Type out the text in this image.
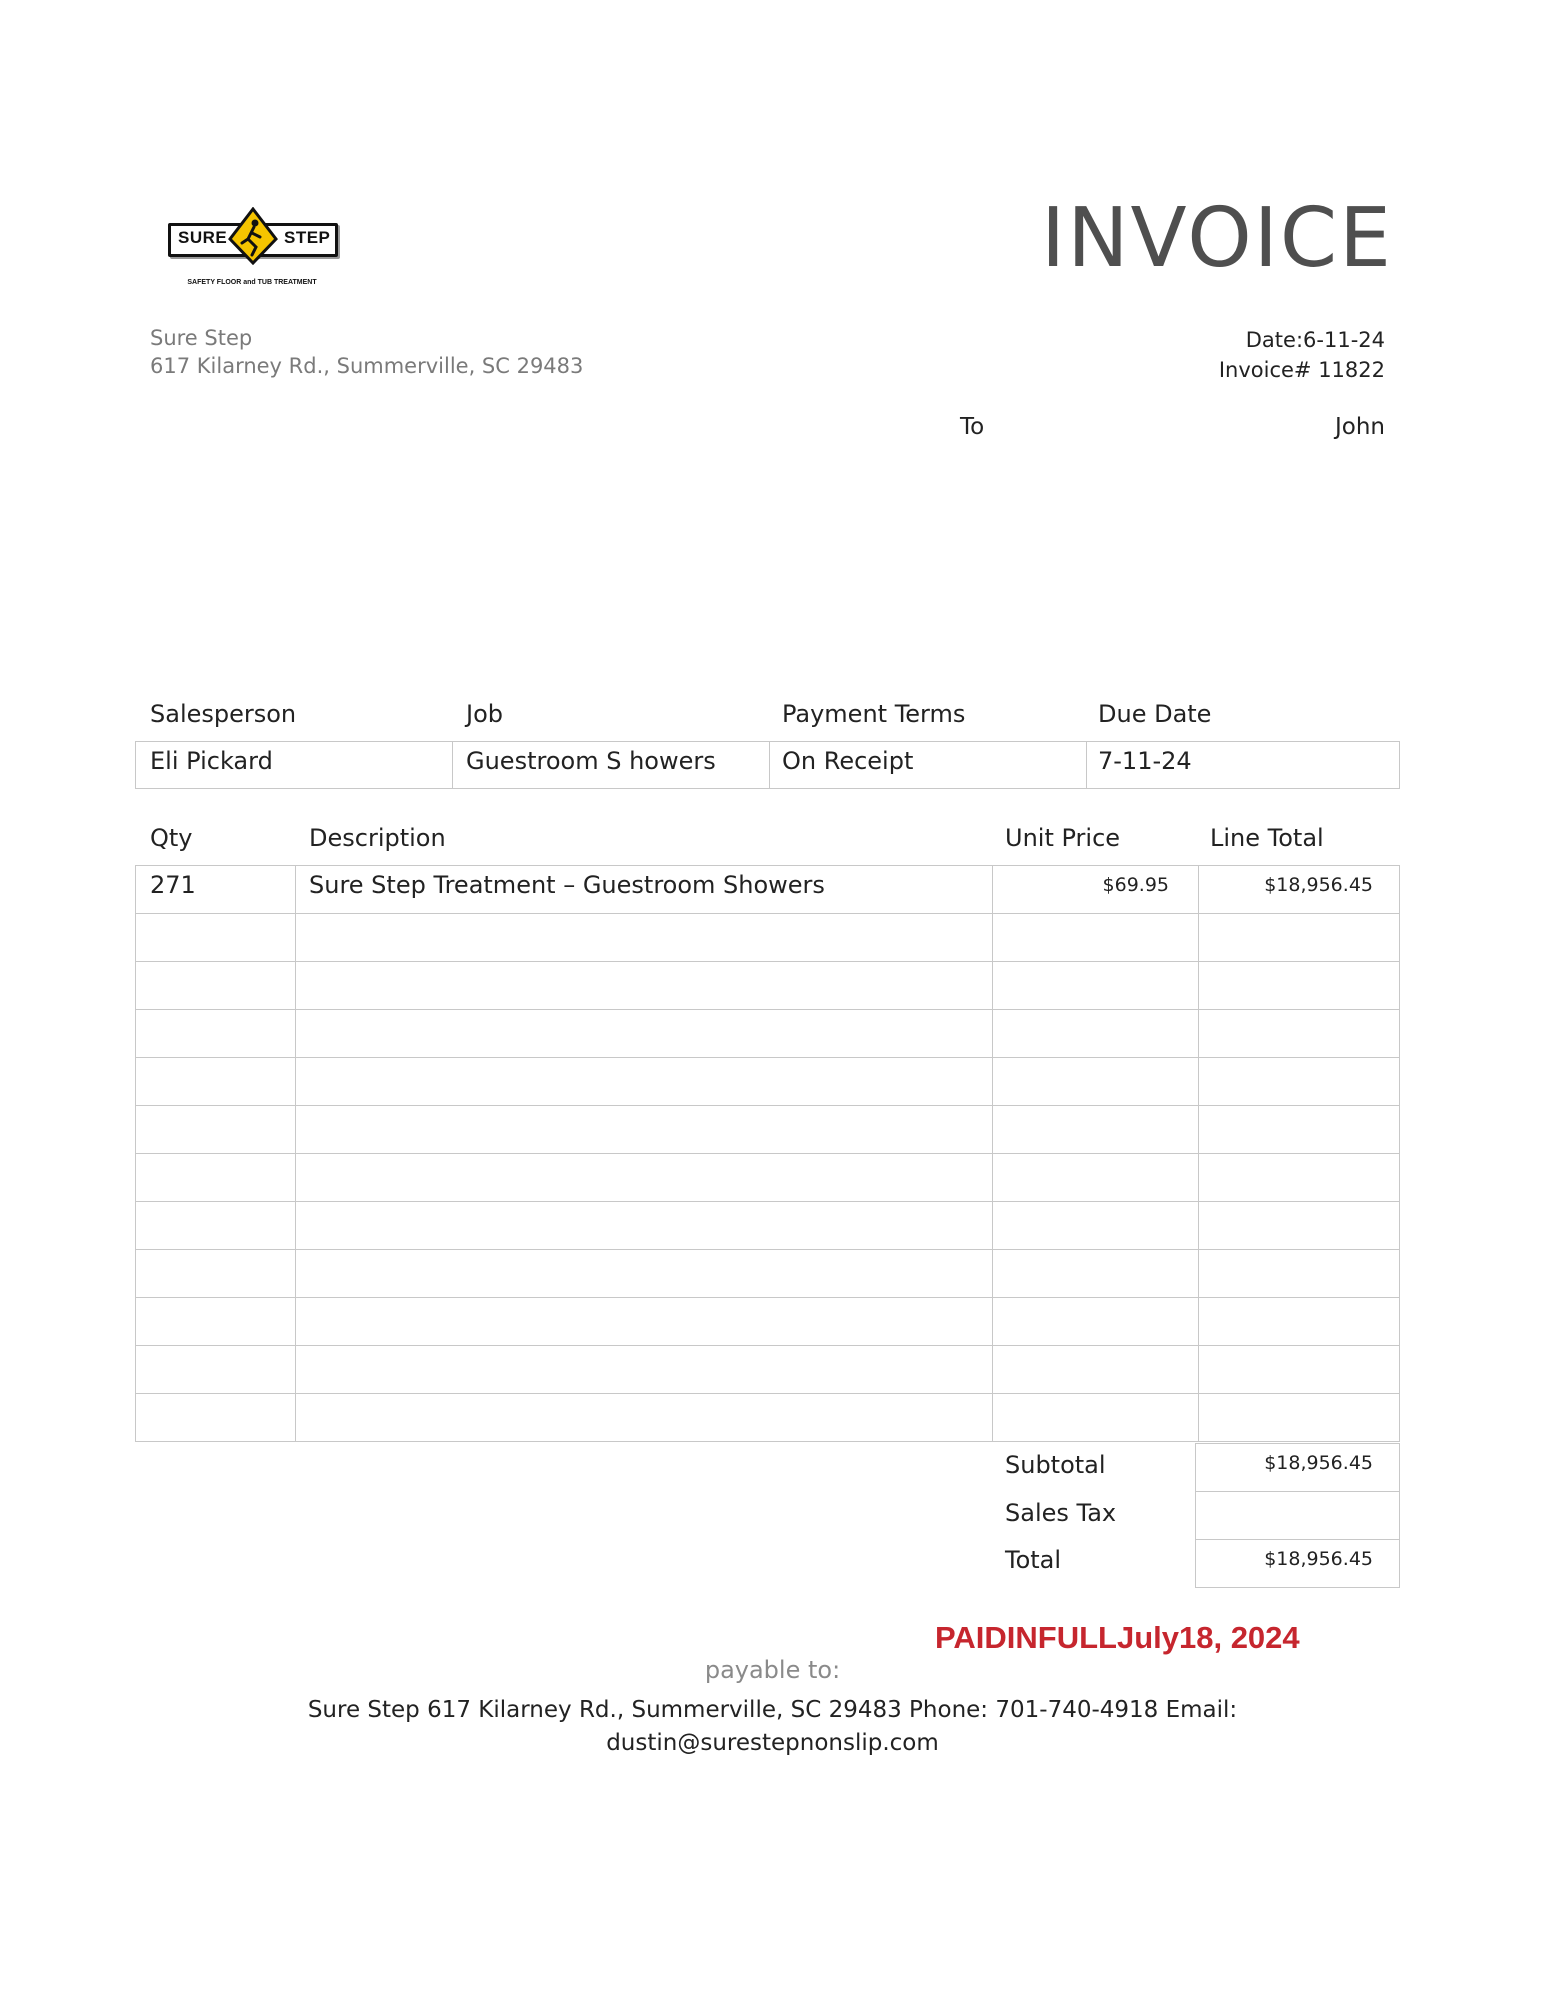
SURE	STEP
SAFETY FLOOR and TUB TREATMENT	INVOICE
Sure Step
617 Kilarney Rd., Summerville, SC 29483
Date:6-11-24
Invoice# 11822
To	John
Salesperson	Job	Payment Terms	Due Date

Eli Pickard	Guestroom S howers	On Receipt	7-11-24
Qty	Description	Unit Price	Line Total

271	Sure Step Treatment – Guestroom Showers	$69.95	$18,956.45

Subtotal	$18,956.45
Sales Tax
Total	$18,956.45
PAIDINFULLJuly18, 2024
payable to:
Sure Step 617 Kilarney Rd., Summerville, SC 29483 Phone: 701-740-4918 Email:
dustin@surestepnonslip.com
